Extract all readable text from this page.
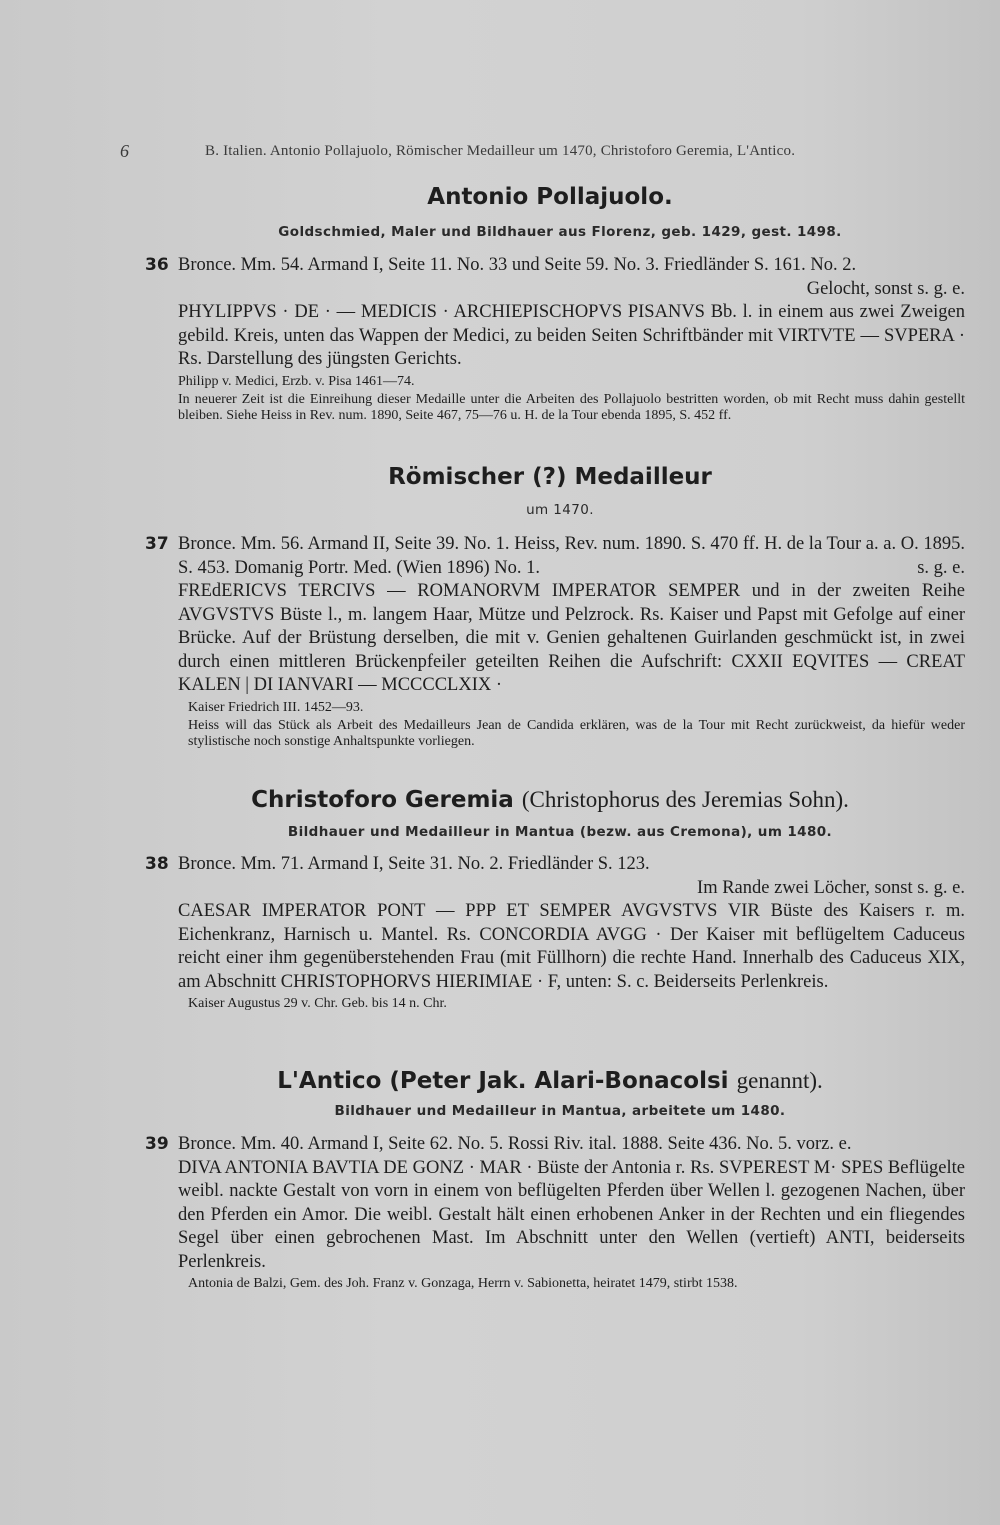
6	B. Italien. Antonio Pollajuolo, Römischer Medailleur um 1470, Christoforo Geremia, L'Antico.
Antonio Pollajuolo.
Goldschmied, Maler und Bildhauer aus Florenz, geb. 1429, gest. 1498.
36 Bronce. Mm. 54. Armand I, Seite 11. No. 33 und Seite 59. No. 3. Friedländer S. 161. No. 2.
Gelocht, sonst s. g. e.
PHYLIPPVS · DE · — MEDICIS · ARCHIEPISCHOPVS PISANVS Bb. l. in einem aus zwei Zweigen gebild. Kreis, unten das Wappen der Medici, zu beiden Seiten Schriftbänder mit VIRTVTE — SVPERA · Rs. Darstellung des jüngsten Gerichts.
Philipp v. Medici, Erzb. v. Pisa 1461—74.
In neuerer Zeit ist die Einreihung dieser Medaille unter die Arbeiten des Pollajuolo bestritten worden, ob mit Recht muss dahin gestellt bleiben. Siehe Heiss in Rev. num. 1890, Seite 467, 75—76 u. H. de la Tour ebenda 1895, S. 452 ff.
Römischer (?) Medailleur
um 1470.
37 Bronce. Mm. 56. Armand II, Seite 39. No. 1. Heiss, Rev. num. 1890. S. 470 ff. H. de la Tour a. a. O. 1895. S. 453. Domanig Portr. Med. (Wien 1896) No. 1.	s. g. e.
FREdERICVS TERCIVS — ROMANORVM IMPERATOR SEMPER und in der zweiten Reihe AVGVSTVS Büste l., m. langem Haar, Mütze und Pelzrock. Rs. Kaiser und Papst mit Gefolge auf einer Brücke. Auf der Brüstung derselben, die mit v. Genien gehaltenen Guirlanden geschmückt ist, in zwei durch einen mittleren Brückenpfeiler geteilten Reihen die Aufschrift: CXXII EQVITES — CREAT KALEN | DI IANVARI — MCCCCLXIX ·
Kaiser Friedrich III. 1452—93.
Heiss will das Stück als Arbeit des Medailleurs Jean de Candida erklären, was de la Tour mit Recht zurückweist, da hiefür weder stylistische noch sonstige Anhaltspunkte vorliegen.
Christoforo Geremia (Christophorus des Jeremias Sohn).
Bildhauer und Medailleur in Mantua (bezw. aus Cremona), um 1480.
38 Bronce. Mm. 71. Armand I, Seite 31. No. 2. Friedländer S. 123.
Im Rande zwei Löcher, sonst s. g. e.
CAESAR IMPERATOR PONT — PPP ET SEMPER AVGVSTVS VIR Büste des Kaisers r. m. Eichenkranz, Harnisch u. Mantel. Rs. CONCORDIA AVGG · Der Kaiser mit beflügeltem Caduceus reicht einer ihm gegenüberstehenden Frau (mit Füllhorn) die rechte Hand. Innerhalb des Caduceus XIX, am Abschnitt CHRISTOPHORVS HIERIMIAE · F, unten: S. c. Beiderseits Perlenkreis.
Kaiser Augustus 29 v. Chr. Geb. bis 14 n. Chr.
L'Antico (Peter Jak. Alari-Bonacolsi genannt).
Bildhauer und Medailleur in Mantua, arbeitete um 1480.
39 Bronce. Mm. 40. Armand I, Seite 62. No. 5. Rossi Riv. ital. 1888. Seite 436. No. 5. vorz. e.
DIVA ANTONIA BAVTIA DE GONZ · MAR · Büste der Antonia r. Rs. SVPEREST M· SPES Beflügelte weibl. nackte Gestalt von vorn in einem von beflügelten Pferden über Wellen l. gezogenen Nachen, über den Pferden ein Amor. Die weibl. Gestalt hält einen erhobenen Anker in der Rechten und ein fliegendes Segel über einen gebrochenen Mast. Im Abschnitt unter den Wellen (vertieft) ANTI, beiderseits Perlenkreis.
Antonia de Balzi, Gem. des Joh. Franz v. Gonzaga, Herrn v. Sabionetta, heiratet 1479, stirbt 1538.
